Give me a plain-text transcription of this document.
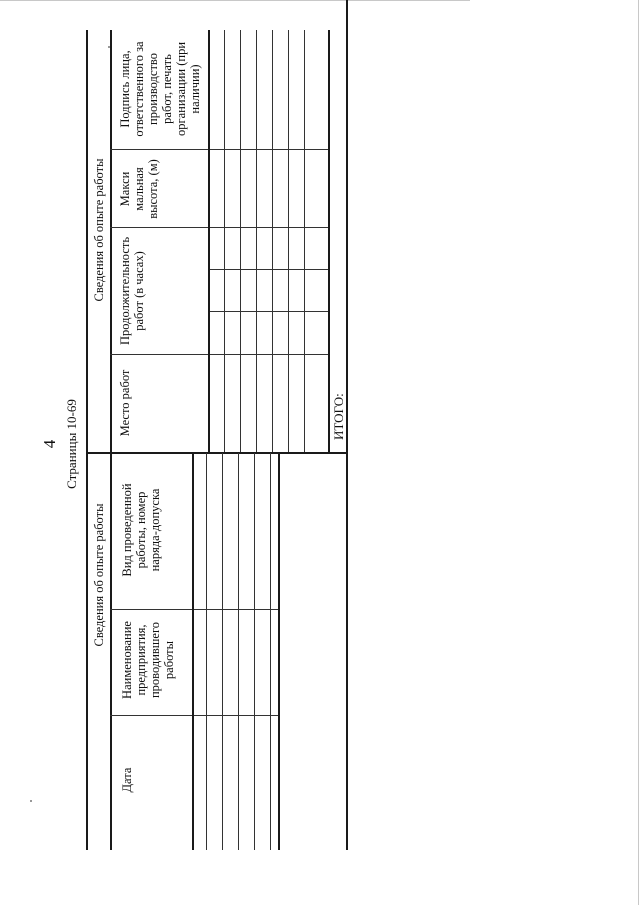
4 Страницы 10-69
Сведения об опыте работы
Дата
Наименование
предприятия,
проводившего
работы
Вид проведенной
работы, номер
наряда-допуска
Сведения об опыте работы
Место работ
Продолжительность
работ (в часах)
Макси
мальная
высота, (м)
Подпись лица,
ответственного за
производство
работ, печать
организации (при
наличии)
ИТОГО:
